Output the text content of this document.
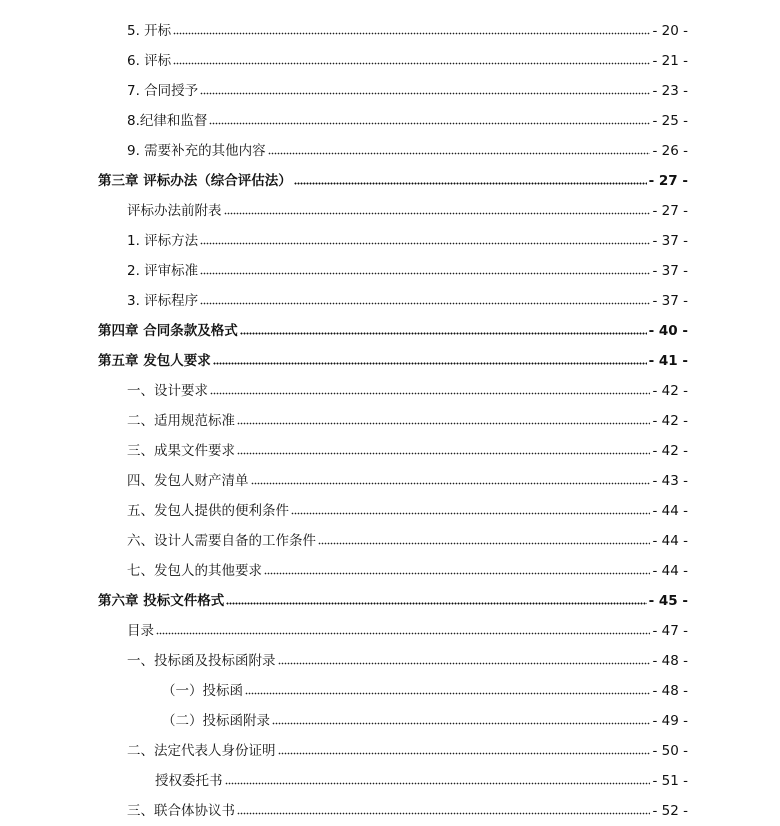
5. 开标	- 20 -
6. 评标	- 21 -
7. 合同授予	- 23 -
8.纪律和监督	- 25 -
9. 需要补充的其他内容	- 26 -
第三章 评标办法（综合评估法）	- 27 -
评标办法前附表	- 27 -
1. 评标方法	- 37 -
2. 评审标准	- 37 -
3. 评标程序	- 37 -
第四章 合同条款及格式	- 40 -
第五章 发包人要求	- 41 -
一、设计要求	- 42 -
二、适用规范标准	- 42 -
三、成果文件要求	- 42 -
四、发包人财产清单	- 43 -
五、发包人提供的便利条件	- 44 -
六、设计人需要自备的工作条件	- 44 -
七、发包人的其他要求	- 44 -
第六章 投标文件格式	- 45 -
目录	- 47 -
一、投标函及投标函附录	- 48 -
（一）投标函	- 48 -
（二）投标函附录	- 49 -
二、法定代表人身份证明	- 50 -
授权委托书	- 51 -
三、联合体协议书	- 52 -
